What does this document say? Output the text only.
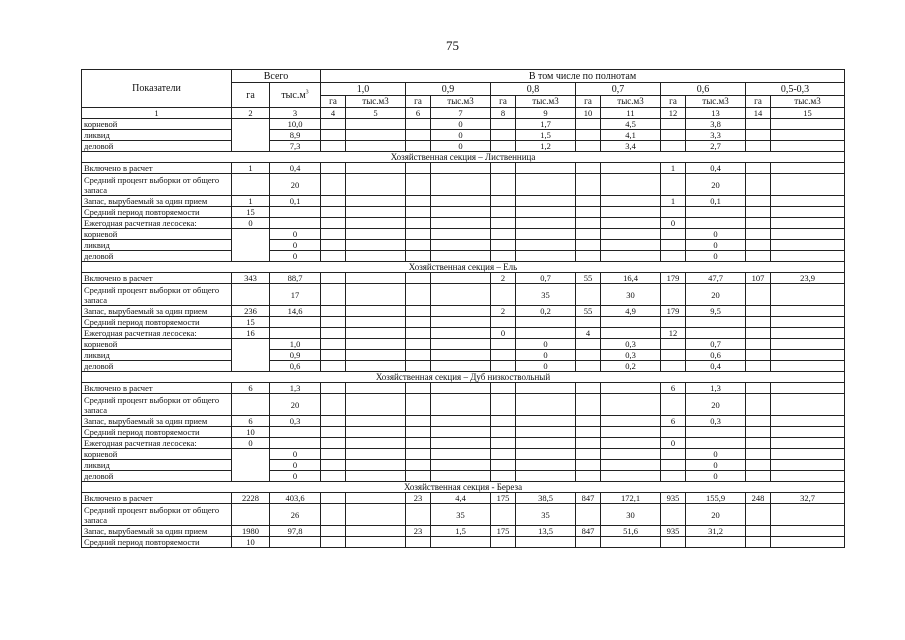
75
Показатели	Всего		В том числе по полнотам											
	га	$тыс.м^3$	1,0		0,9		0,8		0,7		0,6		0,5-0,3	
			га	тыс.м3	га	тыс.м3	га	тыс.м3	га	тыс.м3	га	тыс.м3	га	тыс.м3
1	2	3	4	5	6	7	8	9	10	11	12	13	14	15
корневой		10,0				0		1,7		4,5		3,8		
ликвид		8,9				0		1,5		4,1		3,3		
деловой		7,3				0		1,2		3,4		2,7		
Хозяйственная секция – Лиственница														
Включено в расчет	1	0,4									1	0,4		
Средний процент выборки от общего запаса		20										20		
Запас, вырубаемый за один прием	1	0,1									1	0,1		
Средний период повторяемости	15													
Ежегодная расчетная лесосека:	0										0			
корневой		0										0		
ликвид		0										0		
деловой		0										0		
Хозяйственная секция – Ель														
Включено в расчет	343	88,7					2	0,7	55	16,4	179	47,7	107	23,9
Средний процент выборки от общего запаса		17						35		30		20		
Запас, вырубаемый за один прием	236	14,6					2	0,2	55	4,9	179	9,5		
Средний период повторяемости	15													
Ежегодная расчетная лесосека:	16						0		4		12			
корневой		1,0						0		0,3		0,7		
ликвид		0,9						0		0,3		0,6		
деловой		0,6						0		0,2		0,4		
Хозяйственная секция – Дуб низкоствольный														
Включено в расчет	6	1,3									6	1,3		
Средний процент выборки от общего запаса		20										20		
Запас, вырубаемый за один прием	6	0,3									6	0,3		
Средний период повторяемости	10													
Ежегодная расчетная лесосека:	0										0			
корневой		0										0		
ликвид		0										0		
деловой		0										0		
Хозяйственная секция - Береза														
Включено в расчет	2228	403,6			23	4,4	175	38,5	847	172,1	935	155,9	248	32,7
Средний процент выборки от общего запаса		26				35		35		30		20		
Запас, вырубаемый за один прием	1980	97,8			23	1,5	175	13,5	847	51,6	935	31,2		
Средний период повторяемости	10													
